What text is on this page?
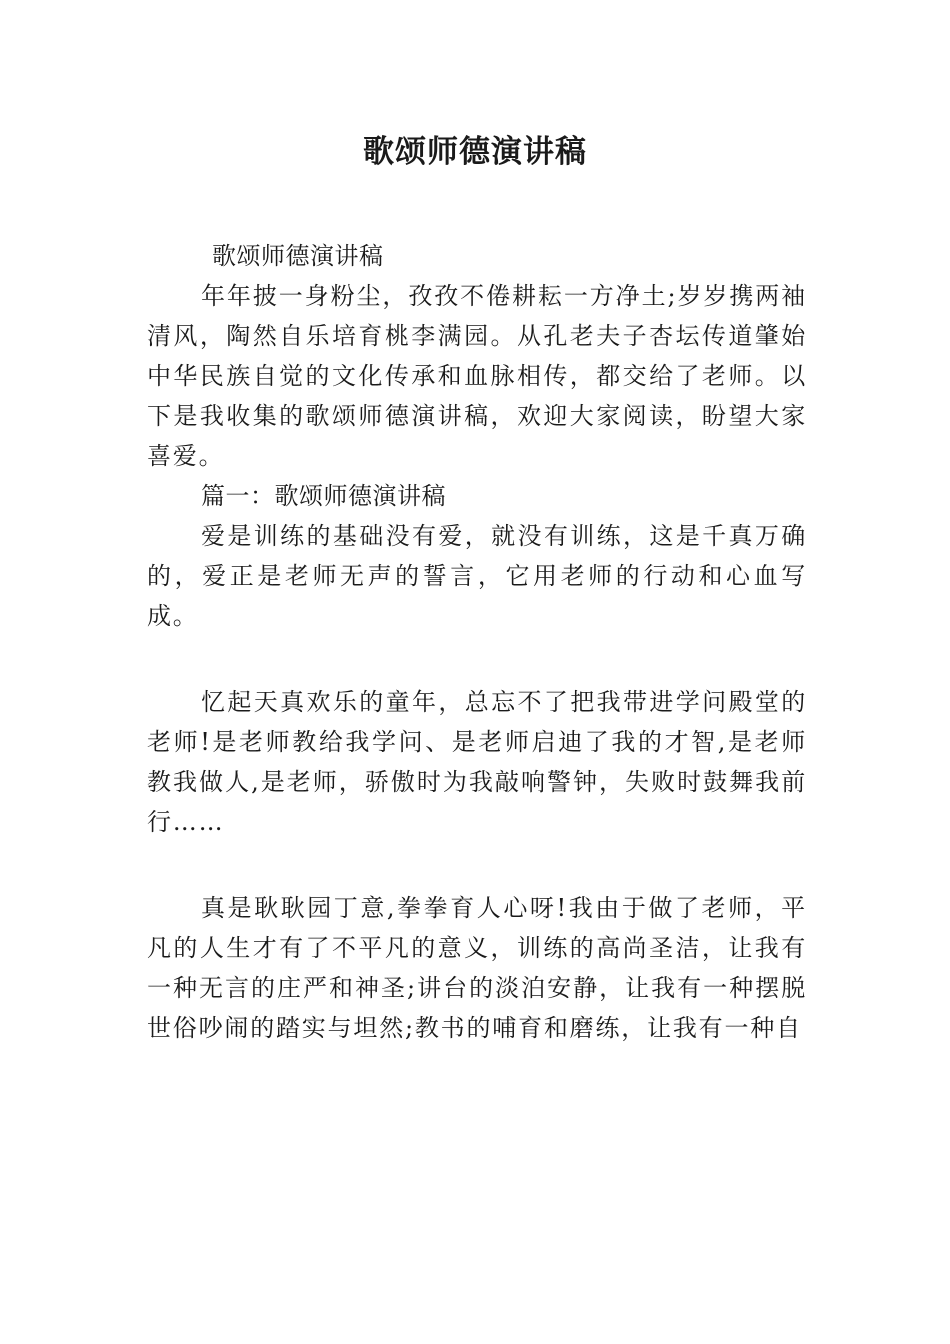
歌颂师德演讲稿

歌颂师德演讲稿

年年披一身粉尘，孜孜不倦耕耘一方净土;岁岁携两袖清风，陶然自乐培育桃李满园。从孔老夫子杏坛传道肇始中华民族自觉的文化传承和血脉相传，都交给了老师。以下是我收集的歌颂师德演讲稿，欢迎大家阅读，盼望大家喜爱。

篇一：歌颂师德演讲稿

爱是训练的基础没有爱，就没有训练，这是千真万确的，爱正是老师无声的誓言，它用老师的行动和心血写成。

忆起天真欢乐的童年，总忘不了把我带进学问殿堂的老师!是老师教给我学问、是老师启迪了我的才智,是老师教我做人,是老师，骄傲时为我敲响警钟，失败时鼓舞我前行……

真是耿耿园丁意,拳拳育人心呀!我由于做了老师，平凡的人生才有了不平凡的意义，训练的高尚圣洁，让我有一种无言的庄严和神圣;讲台的淡泊安静，让我有一种摆脱世俗吵闹的踏实与坦然;教书的哺育和磨练，让我有一种自
